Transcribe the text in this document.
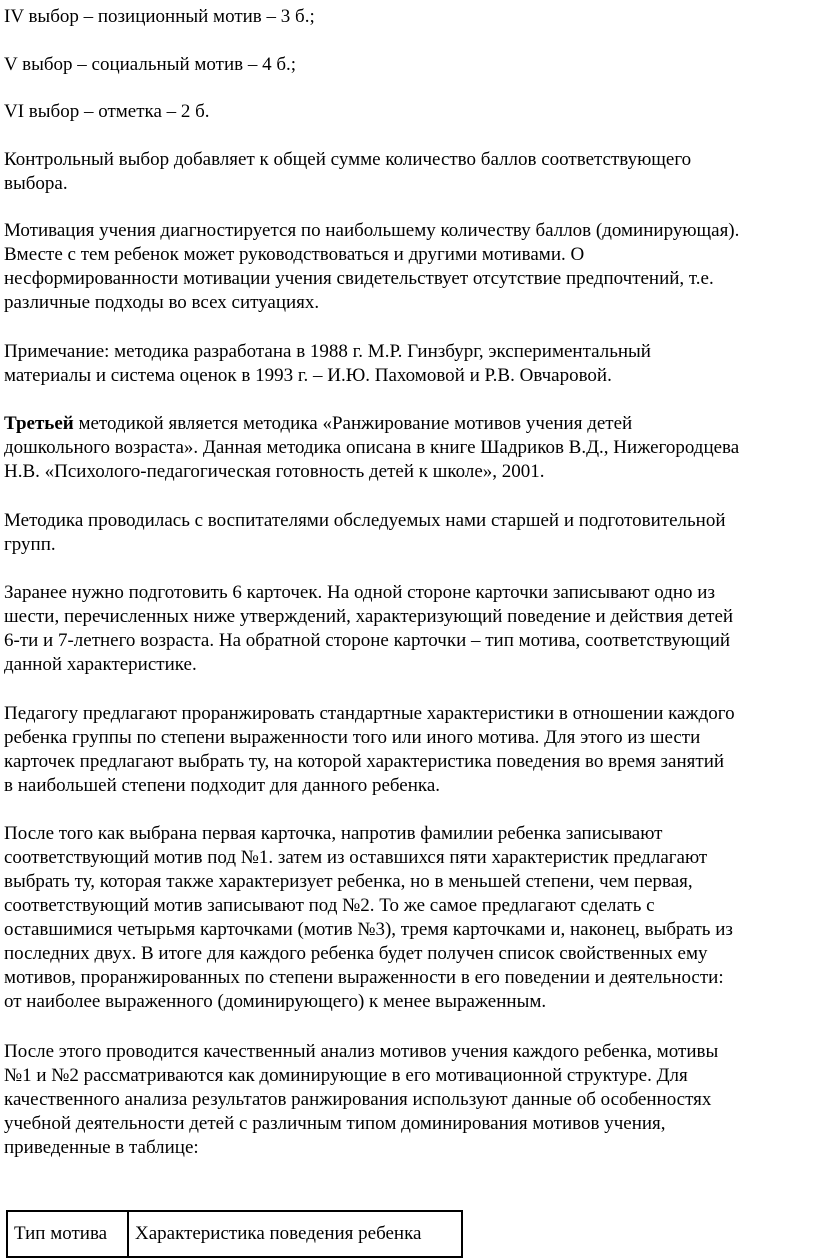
IV выбор – позиционный мотив – 3 б.;
V выбор – социальный мотив – 4 б.;
VI выбор – отметка – 2 б.
Контрольный выбор добавляет к общей сумме количество баллов соответствующего
выбора.
Мотивация учения диагностируется по наибольшему количеству баллов (доминирующая).
Вместе с тем ребенок может руководствоваться и другими мотивами. О
несформированности мотивации учения свидетельствует отсутствие предпочтений, т.е.
различные подходы во всех ситуациях.
Примечание: методика разработана в 1988 г. М.Р. Гинзбург, экспериментальный
материалы и система оценок в 1993 г. – И.Ю. Пахомовой и Р.В. Овчаровой.
Третьей методикой является методика «Ранжирование мотивов учения детей
дошкольного возраста». Данная методика описана в книге Шадриков В.Д., Нижегородцева
Н.В. «Психолого-педагогическая готовность детей к школе», 2001.
Методика проводилась с воспитателями обследуемых нами старшей и подготовительной
групп.
Заранее нужно подготовить 6 карточек. На одной стороне карточки записывают одно из
шести, перечисленных ниже утверждений, характеризующий поведение и действия детей
6-ти и 7-летнего возраста. На обратной стороне карточки – тип мотива, соответствующий
данной характеристике.
Педагогу предлагают проранжировать стандартные характеристики в отношении каждого
ребенка группы по степени выраженности того или иного мотива. Для этого из шести
карточек предлагают выбрать ту, на которой характеристика поведения во время занятий
в наибольшей степени подходит для данного ребенка.
После того как выбрана первая карточка, напротив фамилии ребенка записывают
соответствующий мотив под №1. затем из оставшихся пяти характеристик предлагают
выбрать ту, которая также характеризует ребенка, но в меньшей степени, чем первая,
соответствующий мотив записывают под №2. То же самое предлагают сделать с
оставшимися четырьмя карточками (мотив №3), тремя карточками и, наконец, выбрать из
последних двух. В итоге для каждого ребенка будет получен список свойственных ему
мотивов, проранжированных по степени выраженности в его поведении и деятельности:
от наиболее выраженного (доминирующего) к менее выраженным.
После этого проводится качественный анализ мотивов учения каждого ребенка, мотивы
№1 и №2 рассматриваются как доминирующие в его мотивационной структуре. Для
качественного анализа результатов ранжирования используют данные об особенностях
учебной деятельности детей с различным типом доминирования мотивов учения,
приведенные в таблице:
Тип мотива	Характеристика поведения ребенка
